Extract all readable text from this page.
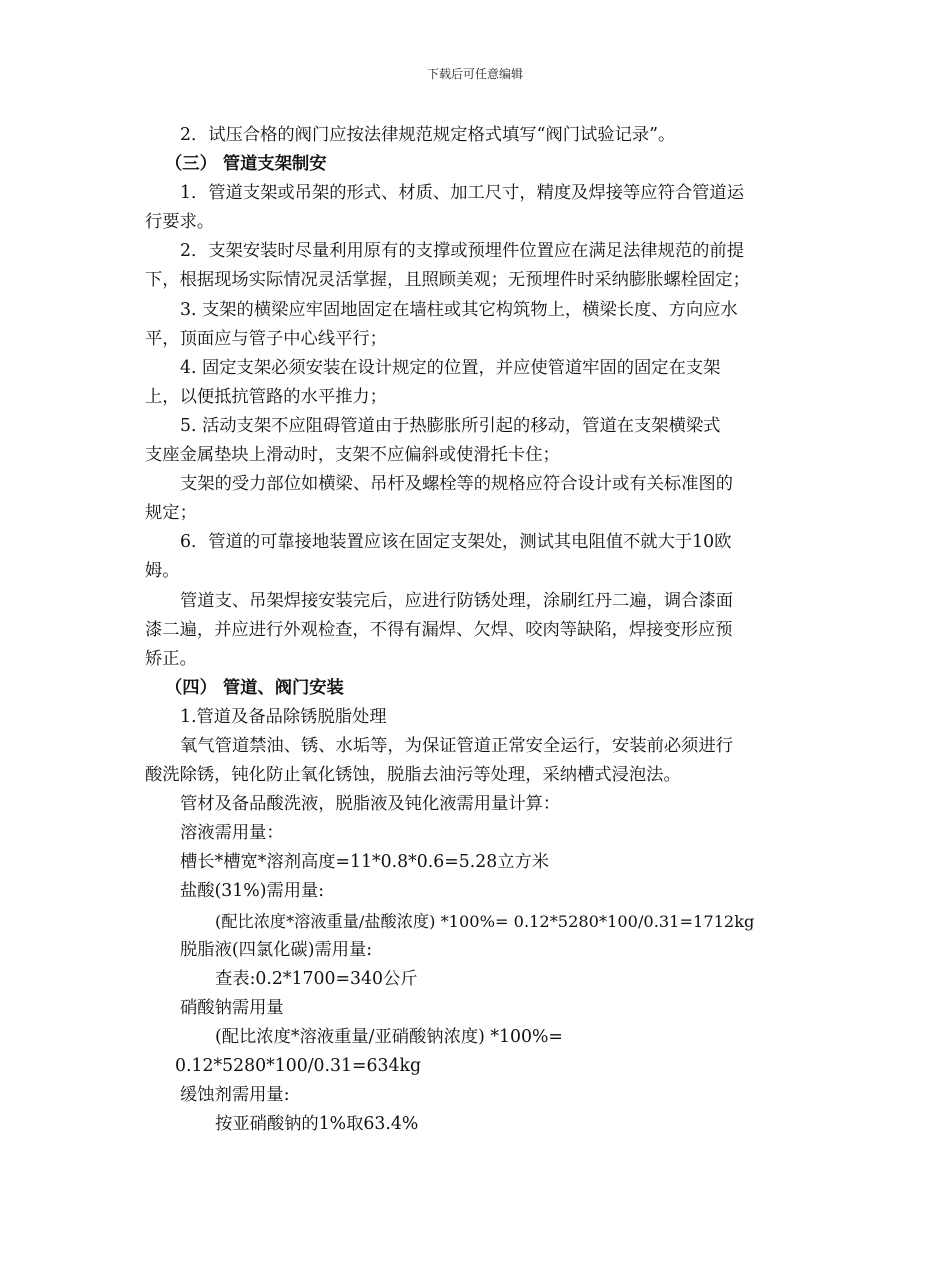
下载后可任意编辑

2．试压合格的阀门应按法律规范规定格式填写“阀门试验记录”。

（三） 管道支架制安

1．管道支架或吊架的形式、材质、加工尺寸，精度及焊接等应符合管道运

行要求。

2．支架安装时尽量利用原有的支撑或预埋件位置应在满足法律规范的前提

下，根据现场实际情况灵活掌握，且照顾美观；无预埋件时采纳膨胀螺栓固定；

3. 支架的横梁应牢固地固定在墙柱或其它构筑物上，横梁长度、方向应水

平，顶面应与管子中心线平行；

4. 固定支架必须安装在设计规定的位置，并应使管道牢固的固定在支架

上，以便抵抗管路的水平推力；

5. 活动支架不应阻碍管道由于热膨胀所引起的移动，管道在支架横梁式

支座金属垫块上滑动时，支架不应偏斜或使滑托卡住；

支架的受力部位如横梁、吊杆及螺栓等的规格应符合设计或有关标准图的

规定；

6．管道的可靠接地装置应该在固定支架处，测试其电阻值不就大于10欧

姆。

管道支、吊架焊接安装完后，应进行防锈处理，涂刷红丹二遍，调合漆面

漆二遍，并应进行外观检查，不得有漏焊、欠焊、咬肉等缺陷，焊接变形应预

矫正。

（四） 管道、阀门安装

1.管道及备品除锈脱脂处理

氧气管道禁油、锈、水垢等，为保证管道正常安全运行，安装前必须进行

酸洗除锈，钝化防止氧化锈蚀，脱脂去油污等处理，采纳槽式浸泡法。

管材及备品酸洗液，脱脂液及钝化液需用量计算：

溶液需用量：

槽长*槽宽*溶剂高度=11*0.8*0.6=5.28立方米

盐酸(31%)需用量:

(配比浓度*溶液重量/盐酸浓度) *100%= 0.12*5280*100/0.31=1712kg

脱脂液(四氯化碳)需用量:

查表:0.2*1700=340公斤

硝酸钠需用量

(配比浓度*溶液重量/亚硝酸钠浓度) *100%=

0.12*5280*100/0.31=634kg

缓蚀剂需用量:

按亚硝酸钠的1%取63.4%
